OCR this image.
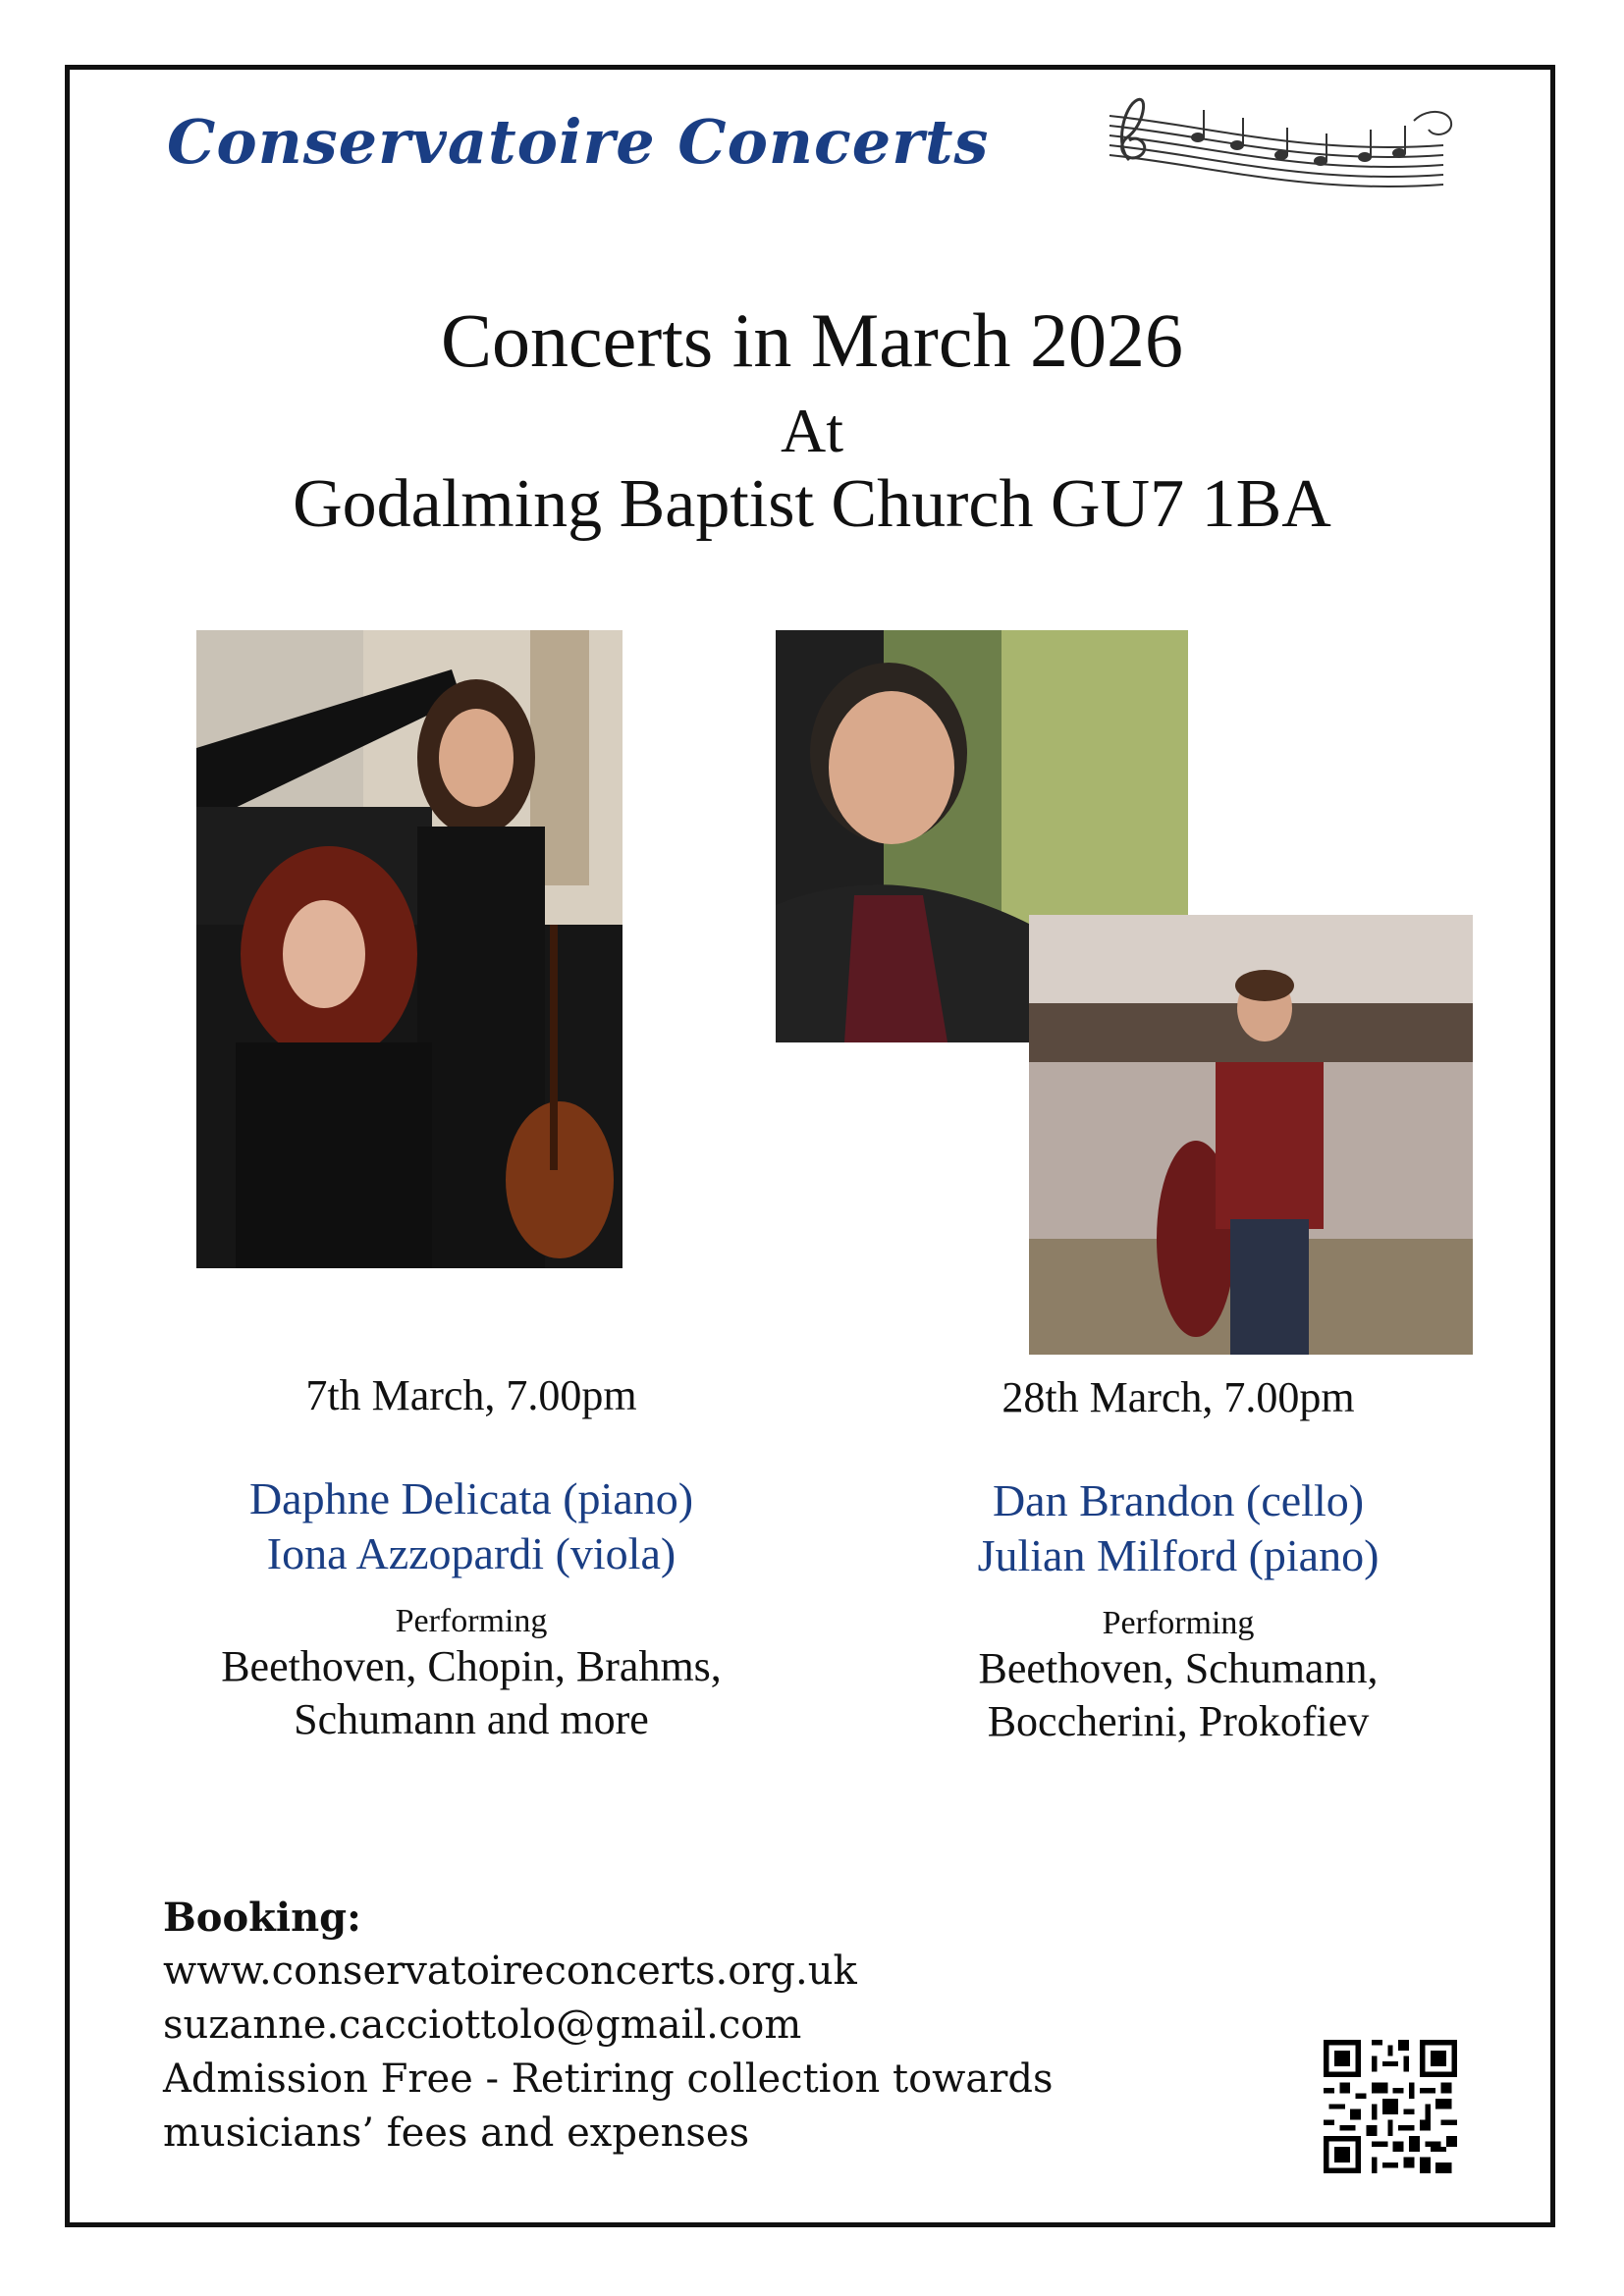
Conservatoire Concerts
Concerts in March 2026
At
Godalming Baptist Church GU7 1BA
7th March, 7.00pm
Daphne Delicata (piano)
Iona Azzopardi (viola)
Performing
Beethoven, Chopin, Brahms,
Schumann and more
28th March, 7.00pm
Dan Brandon (cello)
Julian Milford (piano)
Performing
Beethoven, Schumann,
Boccherini, Prokofiev
Booking:
www.conservatoireconcerts.org.uk
suzanne.cacciottolo@gmail.com
Admission Free - Retiring collection towards
musicians’ fees and expenses
